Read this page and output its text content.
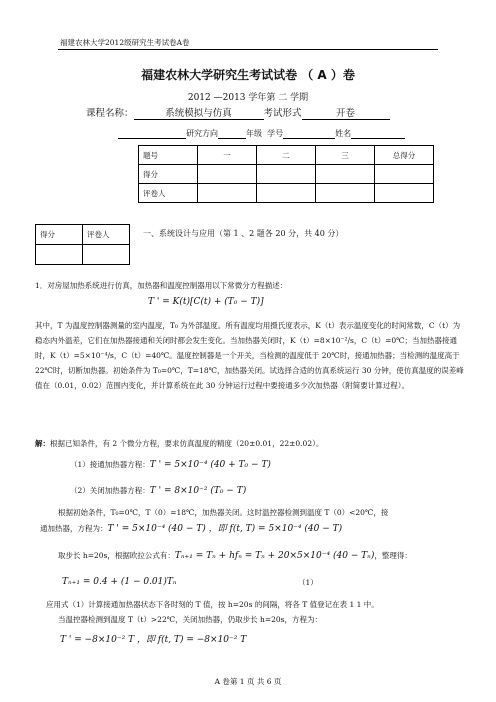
福建农林大学2012级研究生考试卷A卷
福建农林大学研究生考试试卷 （ A ）卷
2012 —2013 学年第 二 学期
课程名称：	系统模拟与仿真	考试形式	开卷
研究方向	年级 学号	姓名
题号	一	二	三	总得分
得分				
评卷人				
得分	评卷人
		一、系统设计与应用（第 1 、2 题各 20 分，共 40 分）
1．对房屋加热系统进行仿真，加热器和温度控制器用以下常微分方程描述：
T ' = K(t)[C(t) + (T₀ − T)]
其中，T 为温度控制器测量的室内温度，T₀ 为外部温度。所有温度均用摄氏度表示，K（t）表示温度变化的时间常数，C（t）为稳态内外温差，它们在加热器接通和关闭时都会发生变化。当加热器关闭时，K（t）=8×10⁻²/s，C（t）=0℃；当加热器接通时，K（t）=5×10⁻⁴/s，C（t）=40℃。温度控制器是一个开关，当检测的温度低于 20℃时，接通加热器；当检测的温度高于 22℃时，切断加热器。初始条件为 T₀=0℃，T=18℃，加热器关闭。试选择合适的仿真系统运行 30 分钟，使仿真温度的误差峰值在（0.01，0.02）范围内变化，并计算系统在此 30 分钟运行过程中要接通多少次加热器（附简要计算过程）。
解：根据已知条件，有 2 个微分方程，要求仿真温度的精度（20±0.01，22±0.02）。
（1）接通加热器方程：T ' = 5×10⁻⁴ (40 + T₀ − T)
（2）关闭加热器方程：T ' = 8×10⁻² (T₀ − T)
根据初始条件，T₀=0℃，T（0）=18℃，加热器关闭。这时温控器检测到温度 T（0）<20℃，接
通加热器，方程为：T ' = 5×10⁻⁴ (40 − T) ，即 f(t, T) = 5×10⁻⁴ (40 − T)
取步长 h=20s，根据欧拉公式有：Tₙ₊₁ = Tₙ + hfₙ = Tₙ + 20×5×10⁻⁴ (40 − Tₙ)，整理得：
Tₙ₊₁ = 0.4 + (1 − 0.01)Tₙ	（1）
应用式（1）计算接通加热器状态下各时刻的 T 值，按 h=20s 的间隔，将各 T 值登记在表 1 1 中。
当温控器检测到温度 T（t）>22℃，关闭加热器，仍取步长 h=20s，方程为：
T ' = −8×10⁻² T ，即 f(t, T) = −8×10⁻² T
A 卷第 1 页 共 6 页
